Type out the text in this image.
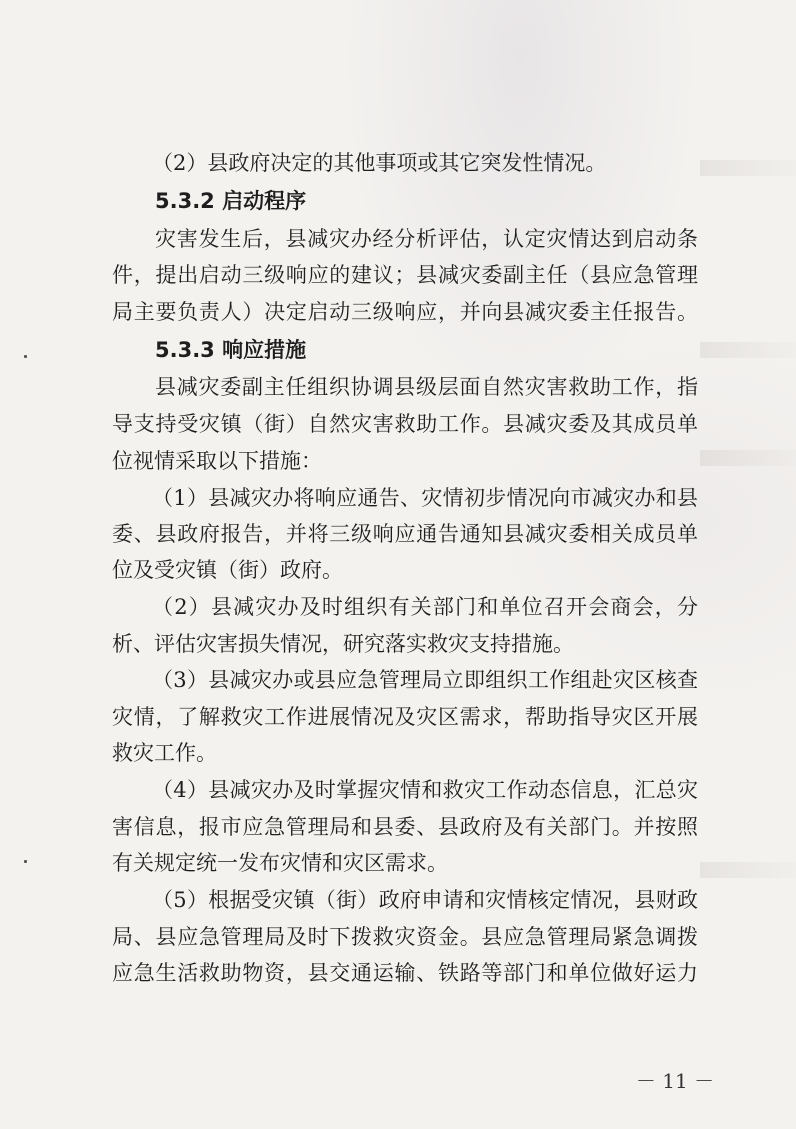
（2）县政府决定的其他事项或其它突发性情况。
5.3.2 启动程序
灾害发生后，县减灾办经分析评估，认定灾情达到启动条
件，提出启动三级响应的建议；县减灾委副主任（县应急管理
局主要负责人）决定启动三级响应，并向县减灾委主任报告。
5.3.3 响应措施
县减灾委副主任组织协调县级层面自然灾害救助工作，指
导支持受灾镇（街）自然灾害救助工作。县减灾委及其成员单
位视情采取以下措施：
（1）县减灾办将响应通告、灾情初步情况向市减灾办和县
委、县政府报告，并将三级响应通告通知县减灾委相关成员单
位及受灾镇（街）政府。
（2）县减灾办及时组织有关部门和单位召开会商会，分
析、评估灾害损失情况，研究落实救灾支持措施。
（3）县减灾办或县应急管理局立即组织工作组赴灾区核查
灾情，了解救灾工作进展情况及灾区需求，帮助指导灾区开展
救灾工作。
（4）县减灾办及时掌握灾情和救灾工作动态信息，汇总灾
害信息，报市应急管理局和县委、县政府及有关部门。并按照
有关规定统一发布灾情和灾区需求。
（5）根据受灾镇（街）政府申请和灾情核定情况，县财政
局、县应急管理局及时下拨救灾资金。县应急管理局紧急调拨
应急生活救助物资，县交通运输、铁路等部门和单位做好运力
－ 11 －
